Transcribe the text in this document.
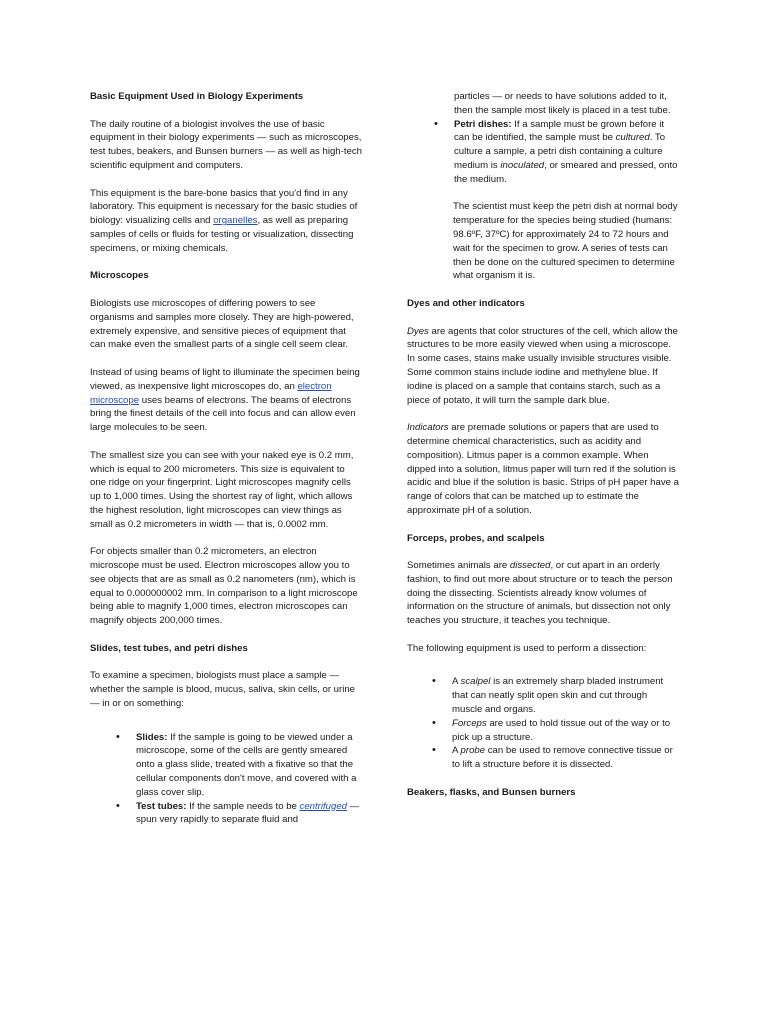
Basic Equipment Used in Biology Experiments

The daily routine of a biologist involves the use of basic equipment in their biology experiments — such as microscopes, test tubes, beakers, and Bunsen burners — as well as high-tech scientific equipment and computers.

This equipment is the bare-bone basics that you'd find in any laboratory. This equipment is necessary for the basic studies of biology: visualizing cells and organelles, as well as preparing samples of cells or fluids for testing or visualization, dissecting specimens, or mixing chemicals.

Microscopes

Biologists use microscopes of differing powers to see organisms and samples more closely. They are high-powered, extremely expensive, and sensitive pieces of equipment that can make even the smallest parts of a single cell seem clear.

Instead of using beams of light to illuminate the specimen being viewed, as inexpensive light microscopes do, an electron microscope uses beams of electrons. The beams of electrons bring the finest details of the cell into focus and can allow even large molecules to be seen.

The smallest size you can see with your naked eye is 0.2 mm, which is equal to 200 micrometers. This size is equivalent to one ridge on your fingerprint. Light microscopes magnify cells up to 1,000 times. Using the shortest ray of light, which allows the highest resolution, light microscopes can view things as small as 0.2 micrometers in width — that is, 0.0002 mm.

For objects smaller than 0.2 micrometers, an electron microscope must be used. Electron microscopes allow you to see objects that are as small as 0.2 nanometers (nm), which is equal to 0.000000002 mm. In comparison to a light microscope being able to magnify 1,000 times, electron microscopes can magnify objects 200,000 times.

Slides, test tubes, and petri dishes

To examine a specimen, biologists must place a sample — whether the sample is blood, mucus, saliva, skin cells, or urine — in or on something:

• Slides: If the sample is going to be viewed under a microscope, some of the cells are gently smeared onto a glass slide, treated with a fixative so that the cellular components don't move, and covered with a glass cover slip.
• Test tubes: If the sample needs to be centrifuged — spun very rapidly to separate fluid and
particles — or needs to have solutions added to it, then the sample most likely is placed in a test tube.
• Petri dishes: If a sample must be grown before it can be identified, the sample must be cultured. To culture a sample, a petri dish containing a culture medium is inoculated, or smeared and pressed, onto the medium.

The scientist must keep the petri dish at normal body temperature for the species being studied (humans: 98.6ºF, 37ºC) for approximately 24 to 72 hours and wait for the specimen to grow. A series of tests can then be done on the cultured specimen to determine what organism it is.

Dyes and other indicators

Dyes are agents that color structures of the cell, which allow the structures to be more easily viewed when using a microscope. In some cases, stains make usually invisible structures visible. Some common stains include iodine and methylene blue. If iodine is placed on a sample that contains starch, such as a piece of potato, it will turn the sample dark blue.

Indicators are premade solutions or papers that are used to determine chemical characteristics, such as acidity and composition). Litmus paper is a common example. When dipped into a solution, litmus paper will turn red if the solution is acidic and blue if the solution is basic. Strips of pH paper have a range of colors that can be matched up to estimate the approximate pH of a solution.

Forceps, probes, and scalpels

Sometimes animals are dissected, or cut apart in an orderly fashion, to find out more about structure or to teach the person doing the dissecting. Scientists already know volumes of information on the structure of animals, but dissection not only teaches you structure, it teaches you technique.

The following equipment is used to perform a dissection:

• A scalpel is an extremely sharp bladed instrument that can neatly split open skin and cut through muscle and organs.
• Forceps are used to hold tissue out of the way or to pick up a structure.
• A probe can be used to remove connective tissue or to lift a structure before it is dissected.

Beakers, flasks, and Bunsen burners
